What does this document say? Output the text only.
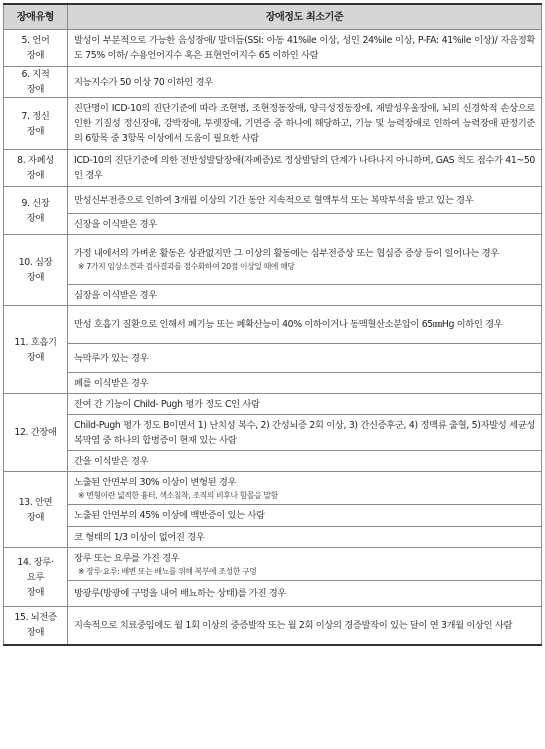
장애유형	장애정도 최소기준
5. 언어
장애	발성이 부분적으로 가능한 음성장애/ 말더듬(SSI: 아동 41%ile 이상, 성인 24%ile 이상, P-FA: 41%ile 이상)/ 자음정확도 75% 이하/ 수용언어지수 혹은 표현언어지수 65 이하인 사람

6. 지적
장애	지능지수가 50 이상 70 이하인 경우

7. 정신
장애	진단명이 ICD-10의 진단기준에 따라 조현병, 조현정동장애, 양극성정동장애, 재발성우울장애, 뇌의 신경학적 손상으로 인한 기질성 정신장애, 강박장애, 투렛장애, 기면증 중 하나에 해당하고, 기능 및 능력장애로 인하여 능력장애 판정기준의 6항목 중 3항목 이상에서 도움이 필요한 사람

8. 자폐성
장애	ICD-10의 진단기준에 의한 전반성발달장애(자폐증)로 정상발달의 단계가 나타나지 아니하며, GAS 척도 점수가 41~50인 경우

9. 신장
장애	만성신부전증으로 인하여 3개월 이상의 기간 동안 지속적으로 혈액투석 또는 복막투석을 받고 있는 경우

	신장을 이식받은 경우

10. 심장
장애	가정 내에서의 가벼운 활동은 상관없지만 그 이상의 활동에는 심부전증상 또는 협심증 증상 등이 일어나는 경우
※ 7가지 임상소견과 검사결과를 점수화하여 20점 이상일 때에 해당

	심장을 이식받은 경우

11. 호흡기
장애	만성 호흡기 질환으로 인해서 폐기능 또는 폐확산능이 40% 이하이거나 동맥혈산소분압이 65㎜Hg 이하인 경우

	늑막루가 있는 경우

	폐를 이식받은 경우

12. 간장애	잔여 간 기능이 Child- Pugh 평가 정도 C인 사람

	Child-Pugh 평가 정도 B이면서 1) 난치성 복수, 2) 간성뇌증 2회 이상, 3) 간신증후군, 4) 정맥류 출혈, 5)자발성 세균성 복막염 중 하나의 합병증이 현재 있는 사람

	간을 이식받은 경우

13. 안면
장애	노출된 안면부의 30% 이상이 변형된 경우
※ 변형이란 넓적한 흉터, 색소침착, 조직의 비후나 함몰을 말함

	노출된 안면부의 45% 이상에 백반증이 있는 사람

	코 형태의 1/3 이상이 없어진 경우

14. 장루·
요루
장애	장루 또는 요루를 가진 경우
※ 장루·요루: 배변 또는 배뇨를 위해 복부에 조성한 구멍

	방광루(방광에 구멍을 내어 배뇨하는 상태)를 가진 경우

15. 뇌전증
장애	지속적으로 치료중임에도 월 1회 이상의 중증발작 또는 월 2회 이상의 경증발작이 있는 달이 연 3개월 이상인 사람
